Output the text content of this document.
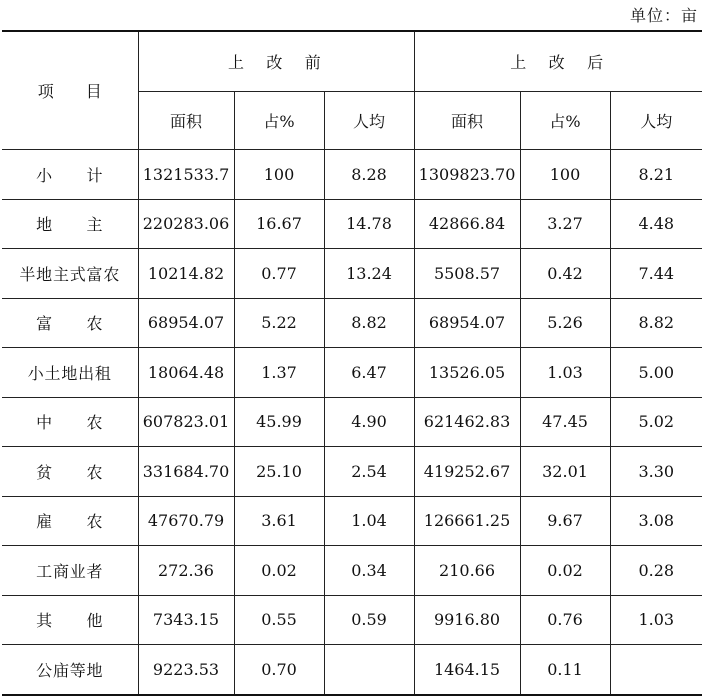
单位：亩
项　　目	上　改　前			上　改　后		
	面积	占%	人均	面积	占%	人均
小　　计	1321533.7	100	8.28	1309823.70	100	8.21
地　　主	220283.06	16.67	14.78	42866.84	3.27	4.48
半地主式富农	10214.82	0.77	13.24	5508.57	0.42	7.44
富　　农	68954.07	5.22	8.82	68954.07	5.26	8.82
小土地出租	18064.48	1.37	6.47	13526.05	1.03	5.00
中　　农	607823.01	45.99	4.90	621462.83	47.45	5.02
贫　　农	331684.70	25.10	2.54	419252.67	32.01	3.30
雇　　农	47670.79	3.61	1.04	126661.25	9.67	3.08
工商业者	272.36	0.02	0.34	210.66	0.02	0.28
其　　他	7343.15	0.55	0.59	9916.80	0.76	1.03
公庙等地	9223.53	0.70		1464.15	0.11	
